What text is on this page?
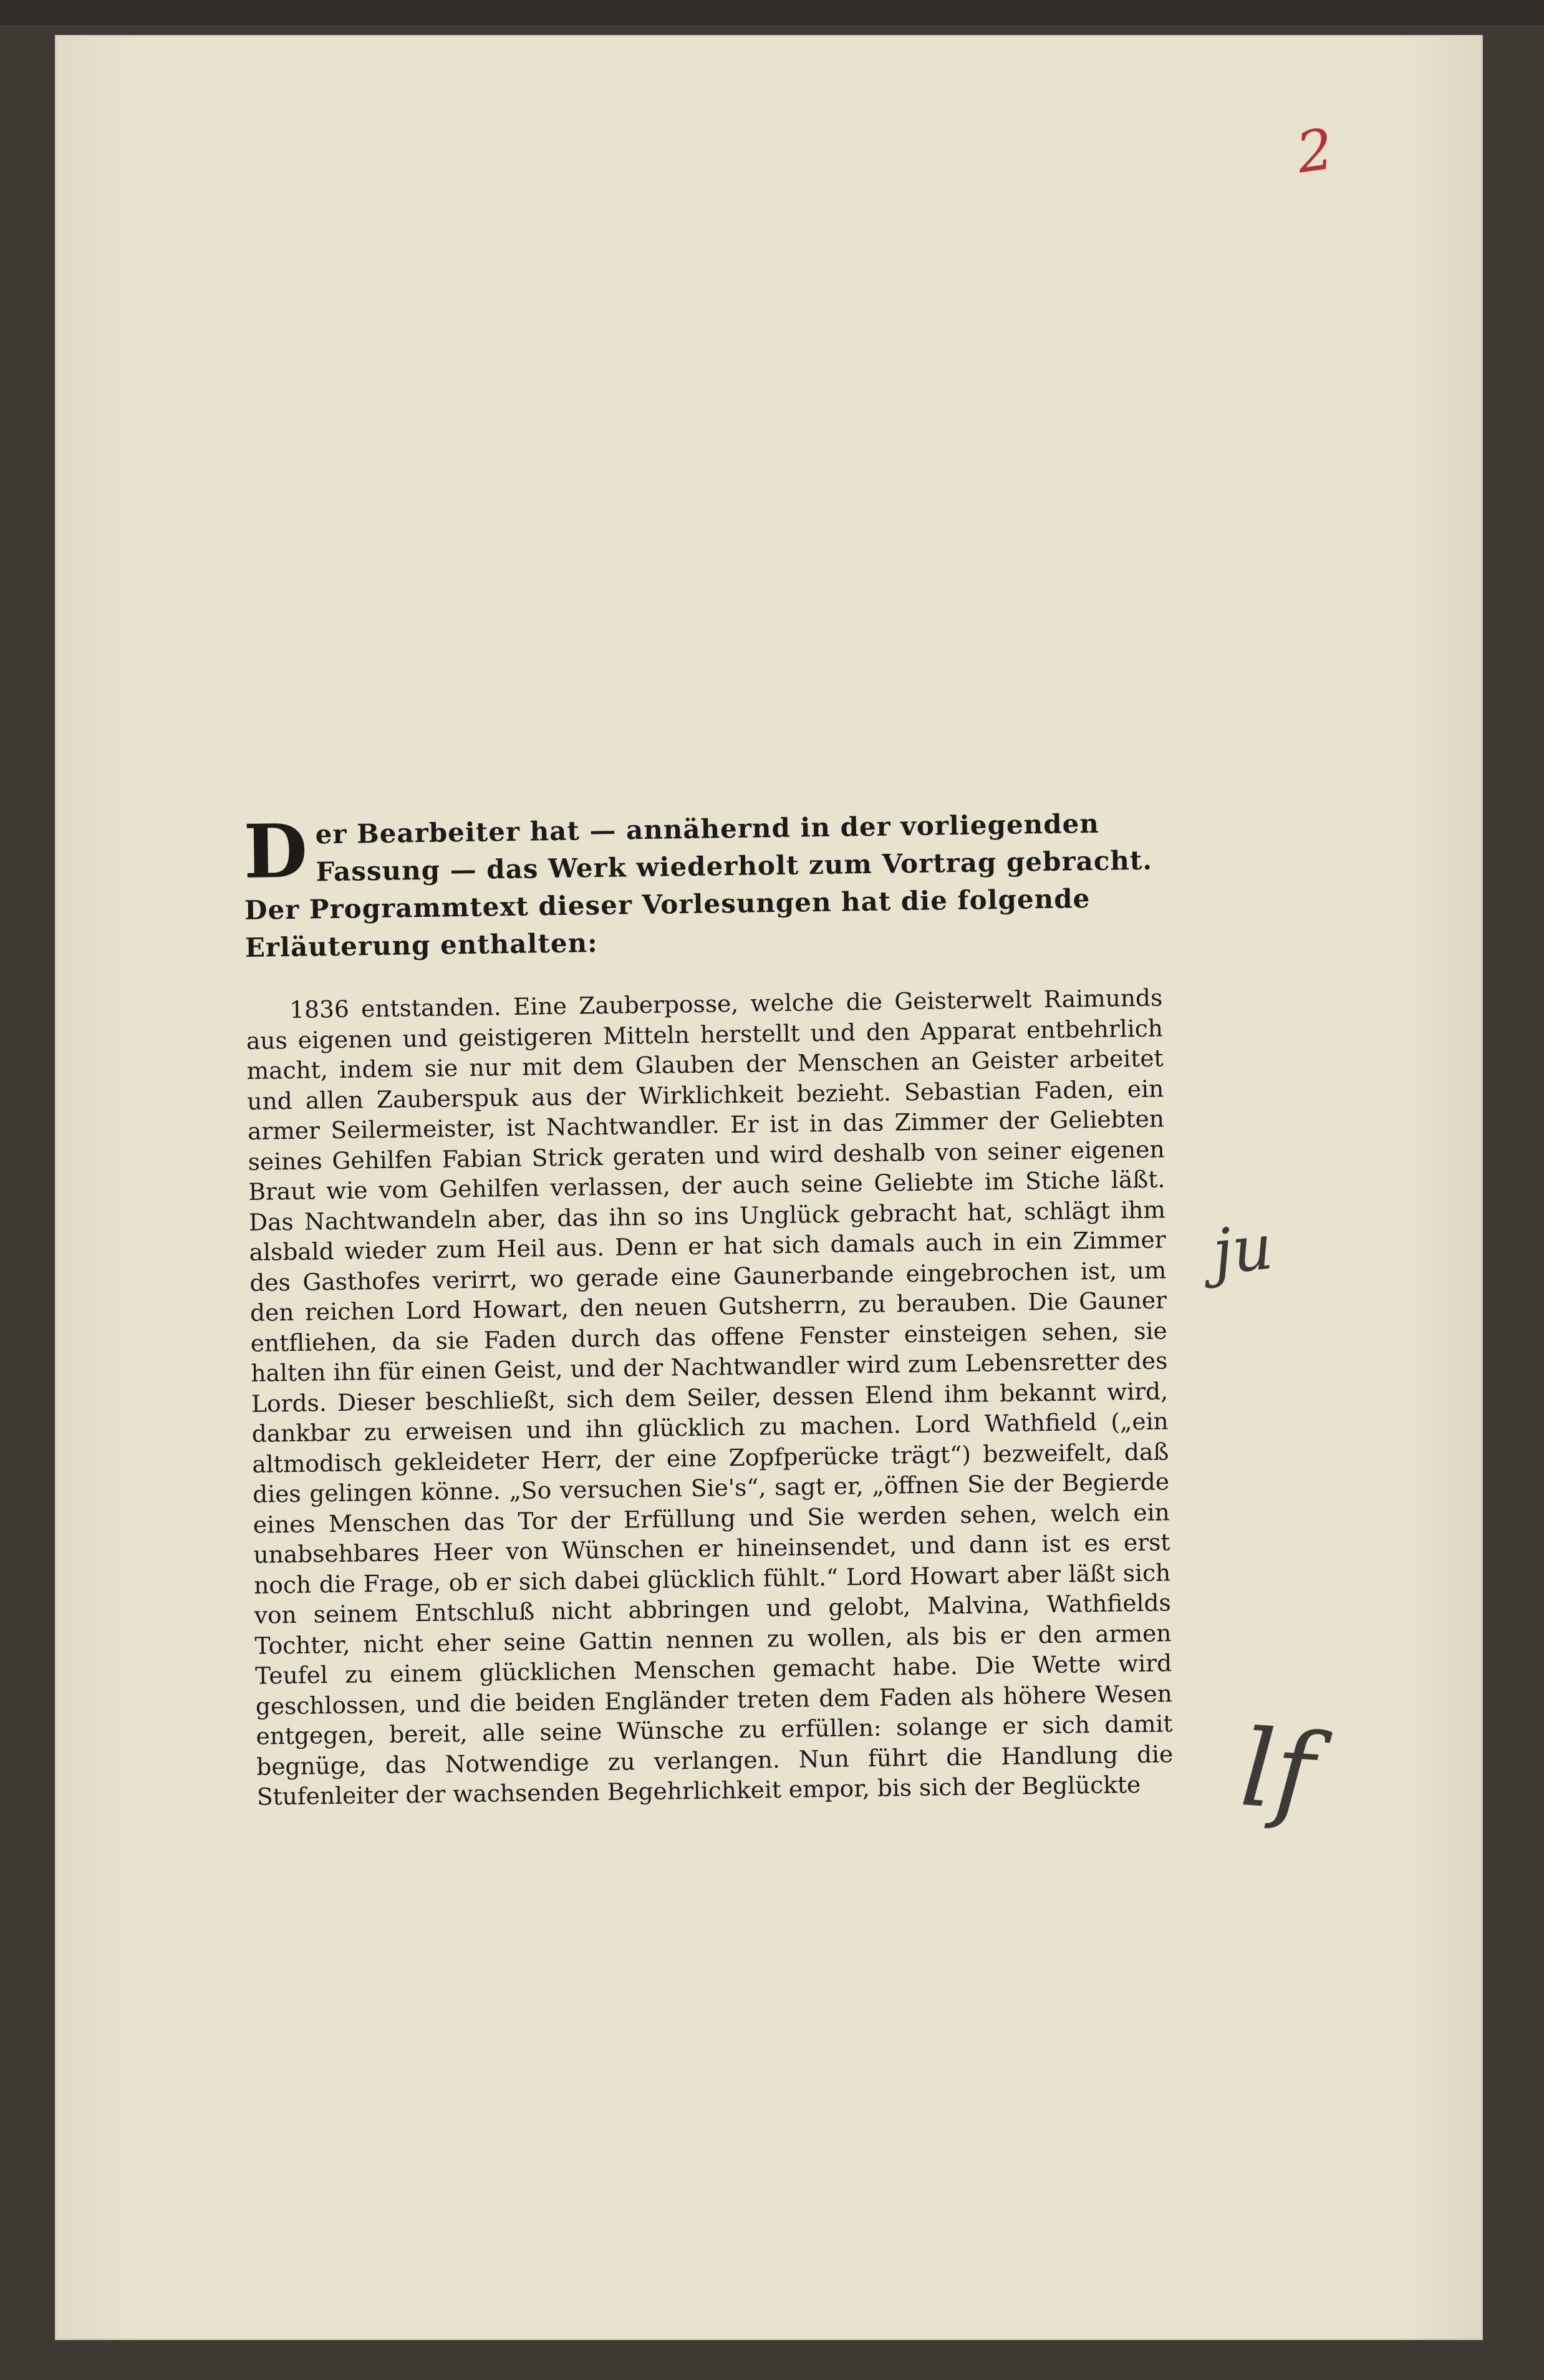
2
ju
lf

Der Bearbeiter hat — annähernd in der vorliegenden Fassung — das Werk wiederholt zum Vortrag gebracht. Der Programmtext dieser Vorlesungen hat die folgende Erläuterung enthalten:

1836 entstanden. Eine Zauberposse, welche die Geisterwelt Raimunds aus eigenen und geistigeren Mitteln herstellt und den Apparat entbehrlich macht, indem sie nur mit dem Glauben der Menschen an Geister arbeitet und allen Zauberspuk aus der Wirklichkeit bezieht. Sebastian Faden, ein armer Seilermeister, ist Nachtwandler. Er ist in das Zimmer der Geliebten seines Gehilfen Fabian Strick geraten und wird deshalb von seiner eigenen Braut wie vom Gehilfen verlassen, der auch seine Geliebte im Stiche läßt. Das Nachtwandeln aber, das ihn so ins Unglück gebracht hat, schlägt ihm alsbald wieder zum Heil aus. Denn er hat sich damals auch in ein Zimmer des Gasthofes verirrt, wo gerade eine Gaunerbande eingebrochen ist, um den reichen Lord Howart, den neuen Gutsherrn, zu berauben. Die Gauner entfliehen, da sie Faden durch das offene Fenster einsteigen sehen, sie halten ihn für einen Geist, und der Nachtwandler wird zum Lebensretter des Lords. Dieser beschließt, sich dem Seiler, dessen Elend ihm bekannt wird, dankbar zu erweisen und ihn glücklich zu machen. Lord Wathfield („ein altmodisch gekleideter Herr, der eine Zopfperücke trägt“) bezweifelt, daß dies gelingen könne. „So versuchen Sie's“, sagt er, „öffnen Sie der Begierde eines Menschen das Tor der Erfüllung und Sie werden sehen, welch ein unabsehbares Heer von Wünschen er hineinsendet, und dann ist es erst noch die Frage, ob er sich dabei glücklich fühlt.“ Lord Howart aber läßt sich von seinem Entschluß nicht abbringen und gelobt, Malvina, Wathfields Tochter, nicht eher seine Gattin nennen zu wollen, als bis er den armen Teufel zu einem glücklichen Menschen gemacht habe. Die Wette wird geschlossen, und die beiden Engländer treten dem Faden als höhere Wesen entgegen, bereit, alle seine Wünsche zu erfüllen: solange er sich damit begnüge, das Notwendige zu verlangen. Nun führt die Handlung die Stufenleiter der wachsenden Begehrlichkeit empor, bis sich der Beglückte
